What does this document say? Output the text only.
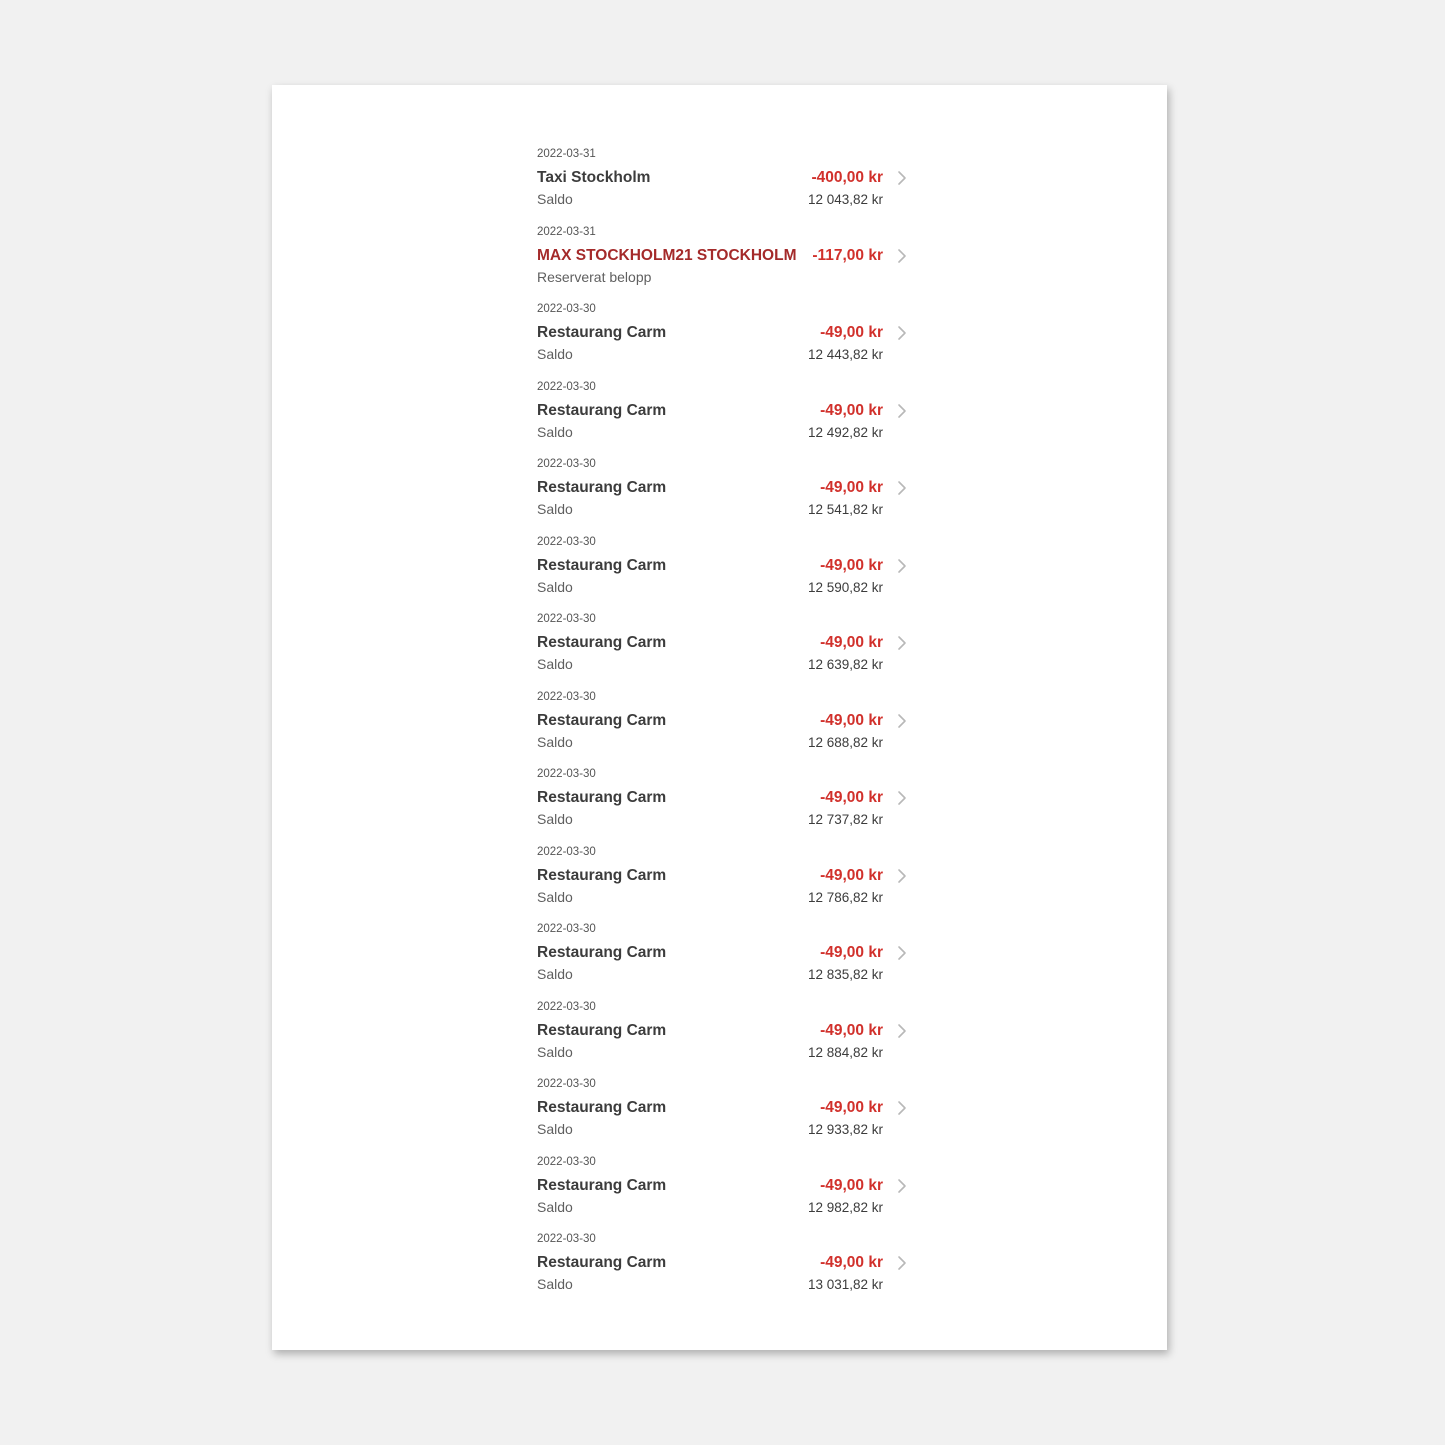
2022-03-31
Taxi Stockholm
Saldo
-400,00 kr
12 043,82 kr
2022-03-31
MAX STOCKHOLM21 STOCKHOLM
Reserverat belopp
-117,00 kr
2022-03-30
Restaurang Carm
Saldo
-49,00 kr
12 443,82 kr
2022-03-30
Restaurang Carm
Saldo
-49,00 kr
12 492,82 kr
2022-03-30
Restaurang Carm
Saldo
-49,00 kr
12 541,82 kr
2022-03-30
Restaurang Carm
Saldo
-49,00 kr
12 590,82 kr
2022-03-30
Restaurang Carm
Saldo
-49,00 kr
12 639,82 kr
2022-03-30
Restaurang Carm
Saldo
-49,00 kr
12 688,82 kr
2022-03-30
Restaurang Carm
Saldo
-49,00 kr
12 737,82 kr
2022-03-30
Restaurang Carm
Saldo
-49,00 kr
12 786,82 kr
2022-03-30
Restaurang Carm
Saldo
-49,00 kr
12 835,82 kr
2022-03-30
Restaurang Carm
Saldo
-49,00 kr
12 884,82 kr
2022-03-30
Restaurang Carm
Saldo
-49,00 kr
12 933,82 kr
2022-03-30
Restaurang Carm
Saldo
-49,00 kr
12 982,82 kr
2022-03-30
Restaurang Carm
Saldo
-49,00 kr
13 031,82 kr
